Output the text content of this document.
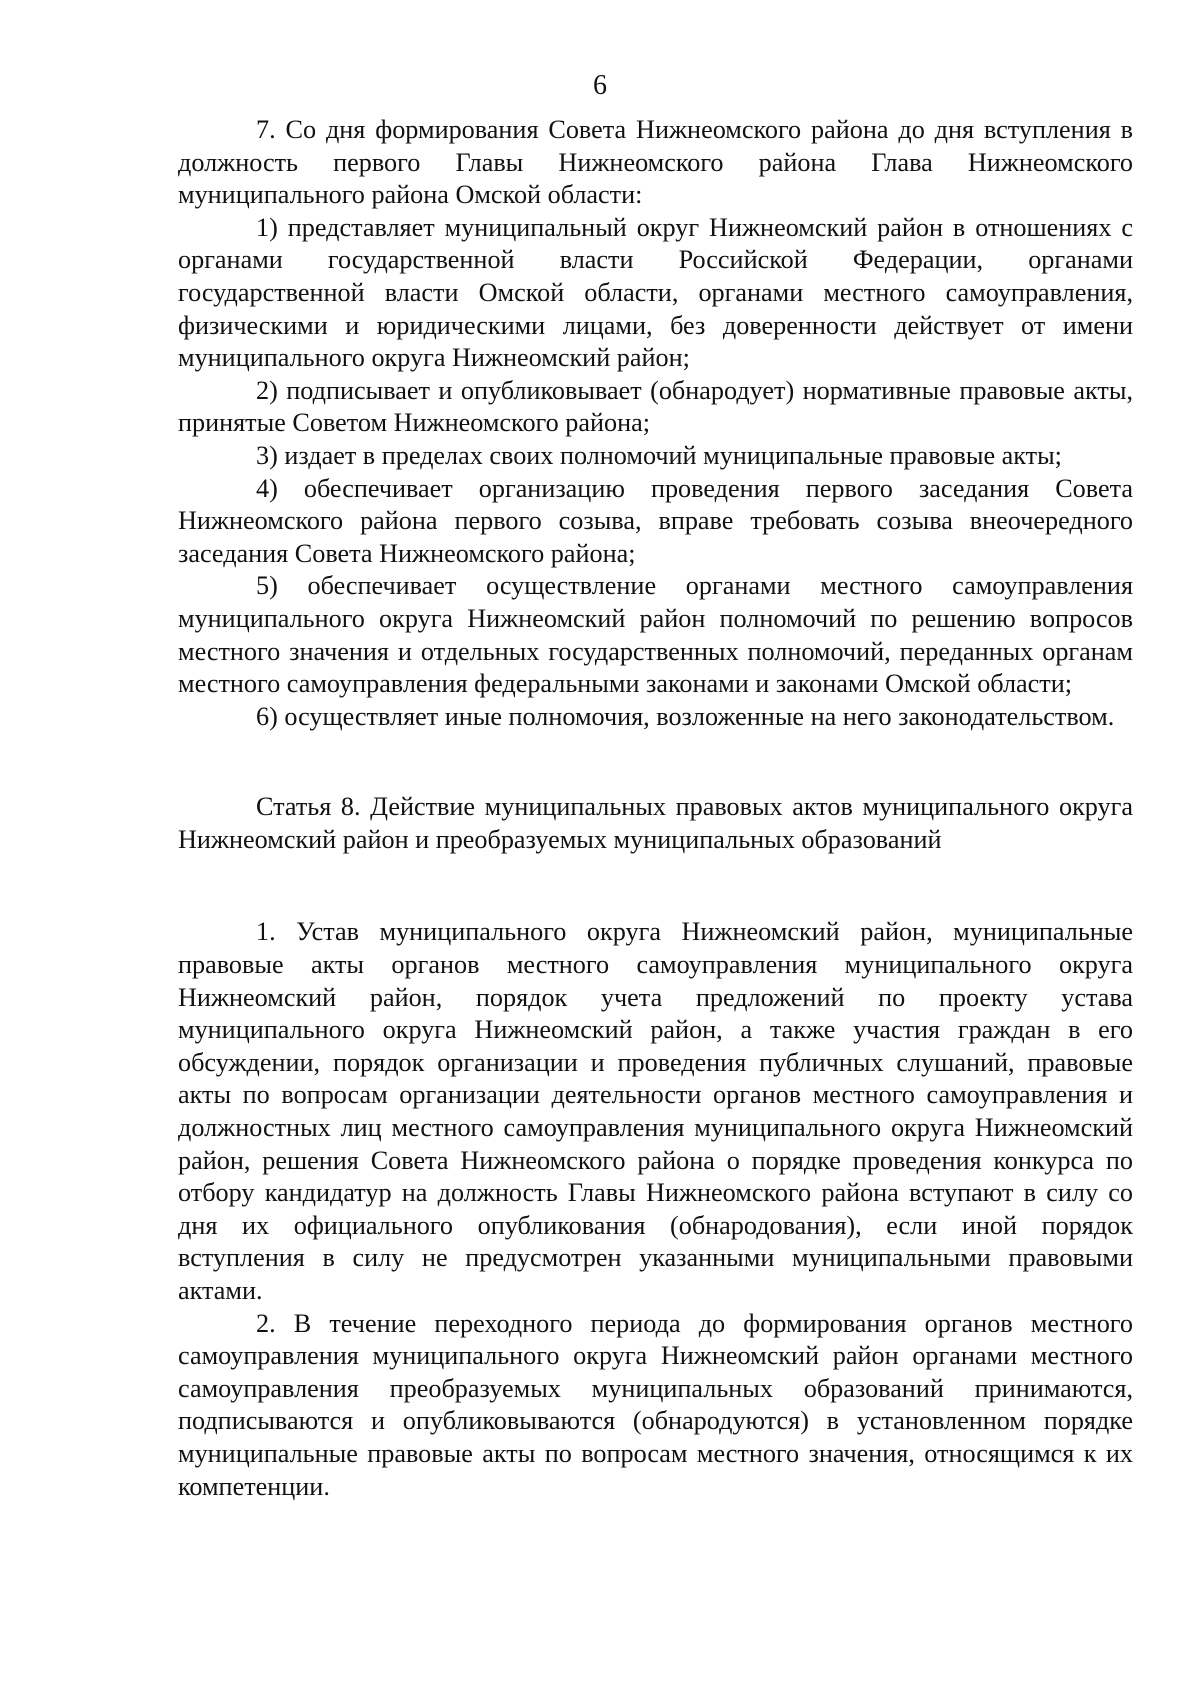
6

7. Со дня формирования Совета Нижнеомского района до дня вступления в должность первого Главы Нижнеомского района Глава Нижнеомского муниципального района Омской области:

1) представляет муниципальный округ Нижнеомский район в отношениях с органами государственной власти Российской Федерации, органами государственной власти Омской области, органами местного самоуправления, физическими и юридическими лицами, без доверенности действует от имени муниципального округа Нижнеомский район;

2) подписывает и опубликовывает (обнародует) нормативные правовые акты, принятые Советом Нижнеомского района;

3) издает в пределах своих полномочий муниципальные правовые акты;

4) обеспечивает организацию проведения первого заседания Совета Нижнеомского района первого созыва, вправе требовать созыва внеочередного заседания Совета Нижнеомского района;

5) обеспечивает осуществление органами местного самоуправления муниципального округа Нижнеомский район полномочий по решению вопросов местного значения и отдельных государственных полномочий, переданных органам местного самоуправления федеральными законами и законами Омской области;

6) осуществляет иные полномочия, возложенные на него законодательством.

Статья 8. Действие муниципальных правовых актов муниципального округа Нижнеомский район и преобразуемых муниципальных образований

1. Устав муниципального округа Нижнеомский район, муниципальные правовые акты органов местного самоуправления муниципального округа Нижнеомский район, порядок учета предложений по проекту устава муниципального округа Нижнеомский район, а также участия граждан в его обсуждении, порядок организации и проведения публичных слушаний, правовые акты по вопросам организации деятельности органов местного самоуправления и должностных лиц местного самоуправления муниципального округа Нижнеомский район, решения Совета Нижнеомского района о порядке проведения конкурса по отбору кандидатур на должность Главы Нижнеомского района вступают в силу со дня их официального опубликования (обнародования), если иной порядок вступления в силу не предусмотрен указанными муниципальными правовыми актами.

2. В течение переходного периода до формирования органов местного самоуправления муниципального округа Нижнеомский район органами местного самоуправления преобразуемых муниципальных образований принимаются, подписываются и опубликовываются (обнародуются) в установленном порядке муниципальные правовые акты по вопросам местного значения, относящимся к их компетенции.
